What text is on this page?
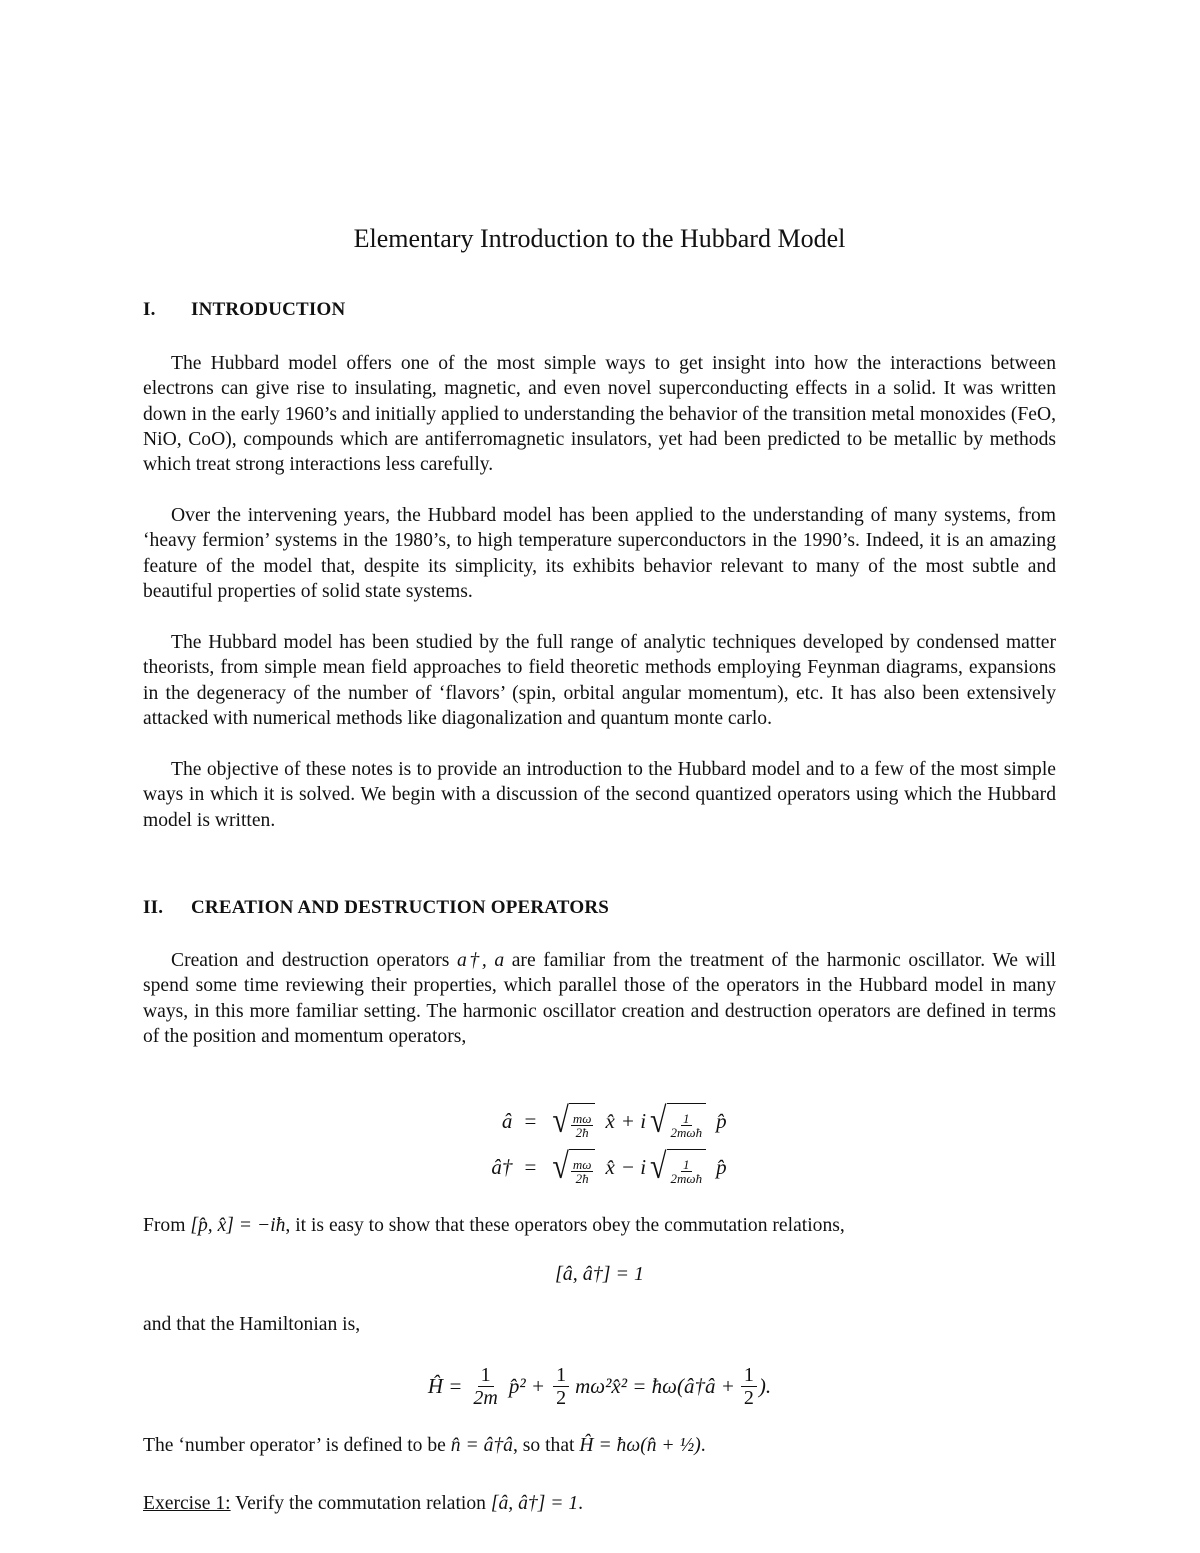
Elementary Introduction to the Hubbard Model
I. INTRODUCTION

The Hubbard model offers one of the most simple ways to get insight into how the interactions between electrons can give rise to insulating, magnetic, and even novel superconducting effects in a solid. It was written down in the early 1960’s and initially applied to understanding the behavior of the transition metal monoxides (FeO, NiO, CoO), compounds which are antiferromagnetic insulators, yet had been predicted to be metallic by methods which treat strong interactions less carefully.

Over the intervening years, the Hubbard model has been applied to the understanding of many systems, from ‘heavy fermion’ systems in the 1980’s, to high temperature superconductors in the 1990’s. Indeed, it is an amazing feature of the model that, despite its simplicity, its exhibits behavior relevant to many of the most subtle and beautiful properties of solid state systems.

The Hubbard model has been studied by the full range of analytic techniques developed by condensed matter theorists, from simple mean field approaches to field theoretic methods employing Feynman diagrams, expansions in the degeneracy of the number of ‘flavors’ (spin, orbital angular momentum), etc. It has also been extensively attacked with numerical methods like diagonalization and quantum monte carlo.

The objective of these notes is to provide an introduction to the Hubbard model and to a few of the most simple ways in which it is solved. We begin with a discussion of the second quantized operators using which the Hubbard model is written.

II. CREATION AND DESTRUCTION OPERATORS

Creation and destruction operators a†, a are familiar from the treatment of the harmonic oscillator. We will spend some time reviewing their properties, which parallel those of the operators in the Hubbard model in many ways, in this more familiar setting. The harmonic oscillator creation and destruction operators are defined in terms of the position and momentum operators,

â = √ $\frac{m\omega}{2ħ}$ x̂ + i √ $\frac{1}{\text{2mωħ}}$ p̂
â† = √ $\frac{m\omega}{2ħ}$ x̂ − i √ $\frac{1}{\text{2mωħ}}$ p̂

From [p̂, x̂] = −iħ, it is easy to show that these operators obey the commutation relations,

[â, â†] = 1

and that the Hamiltonian is,

Ĥ = $\frac{1}{2m}$ p̂² + $\frac{1}{2}$ mω²x̂² = ħω(â†â + $\frac{1}{2}$ ).

The ‘number operator’ is defined to be n̂ = â†â, so that Ĥ = ħω(n̂ + ½).

Exercise 1: Verify the commutation relation [â, â†] = 1.
